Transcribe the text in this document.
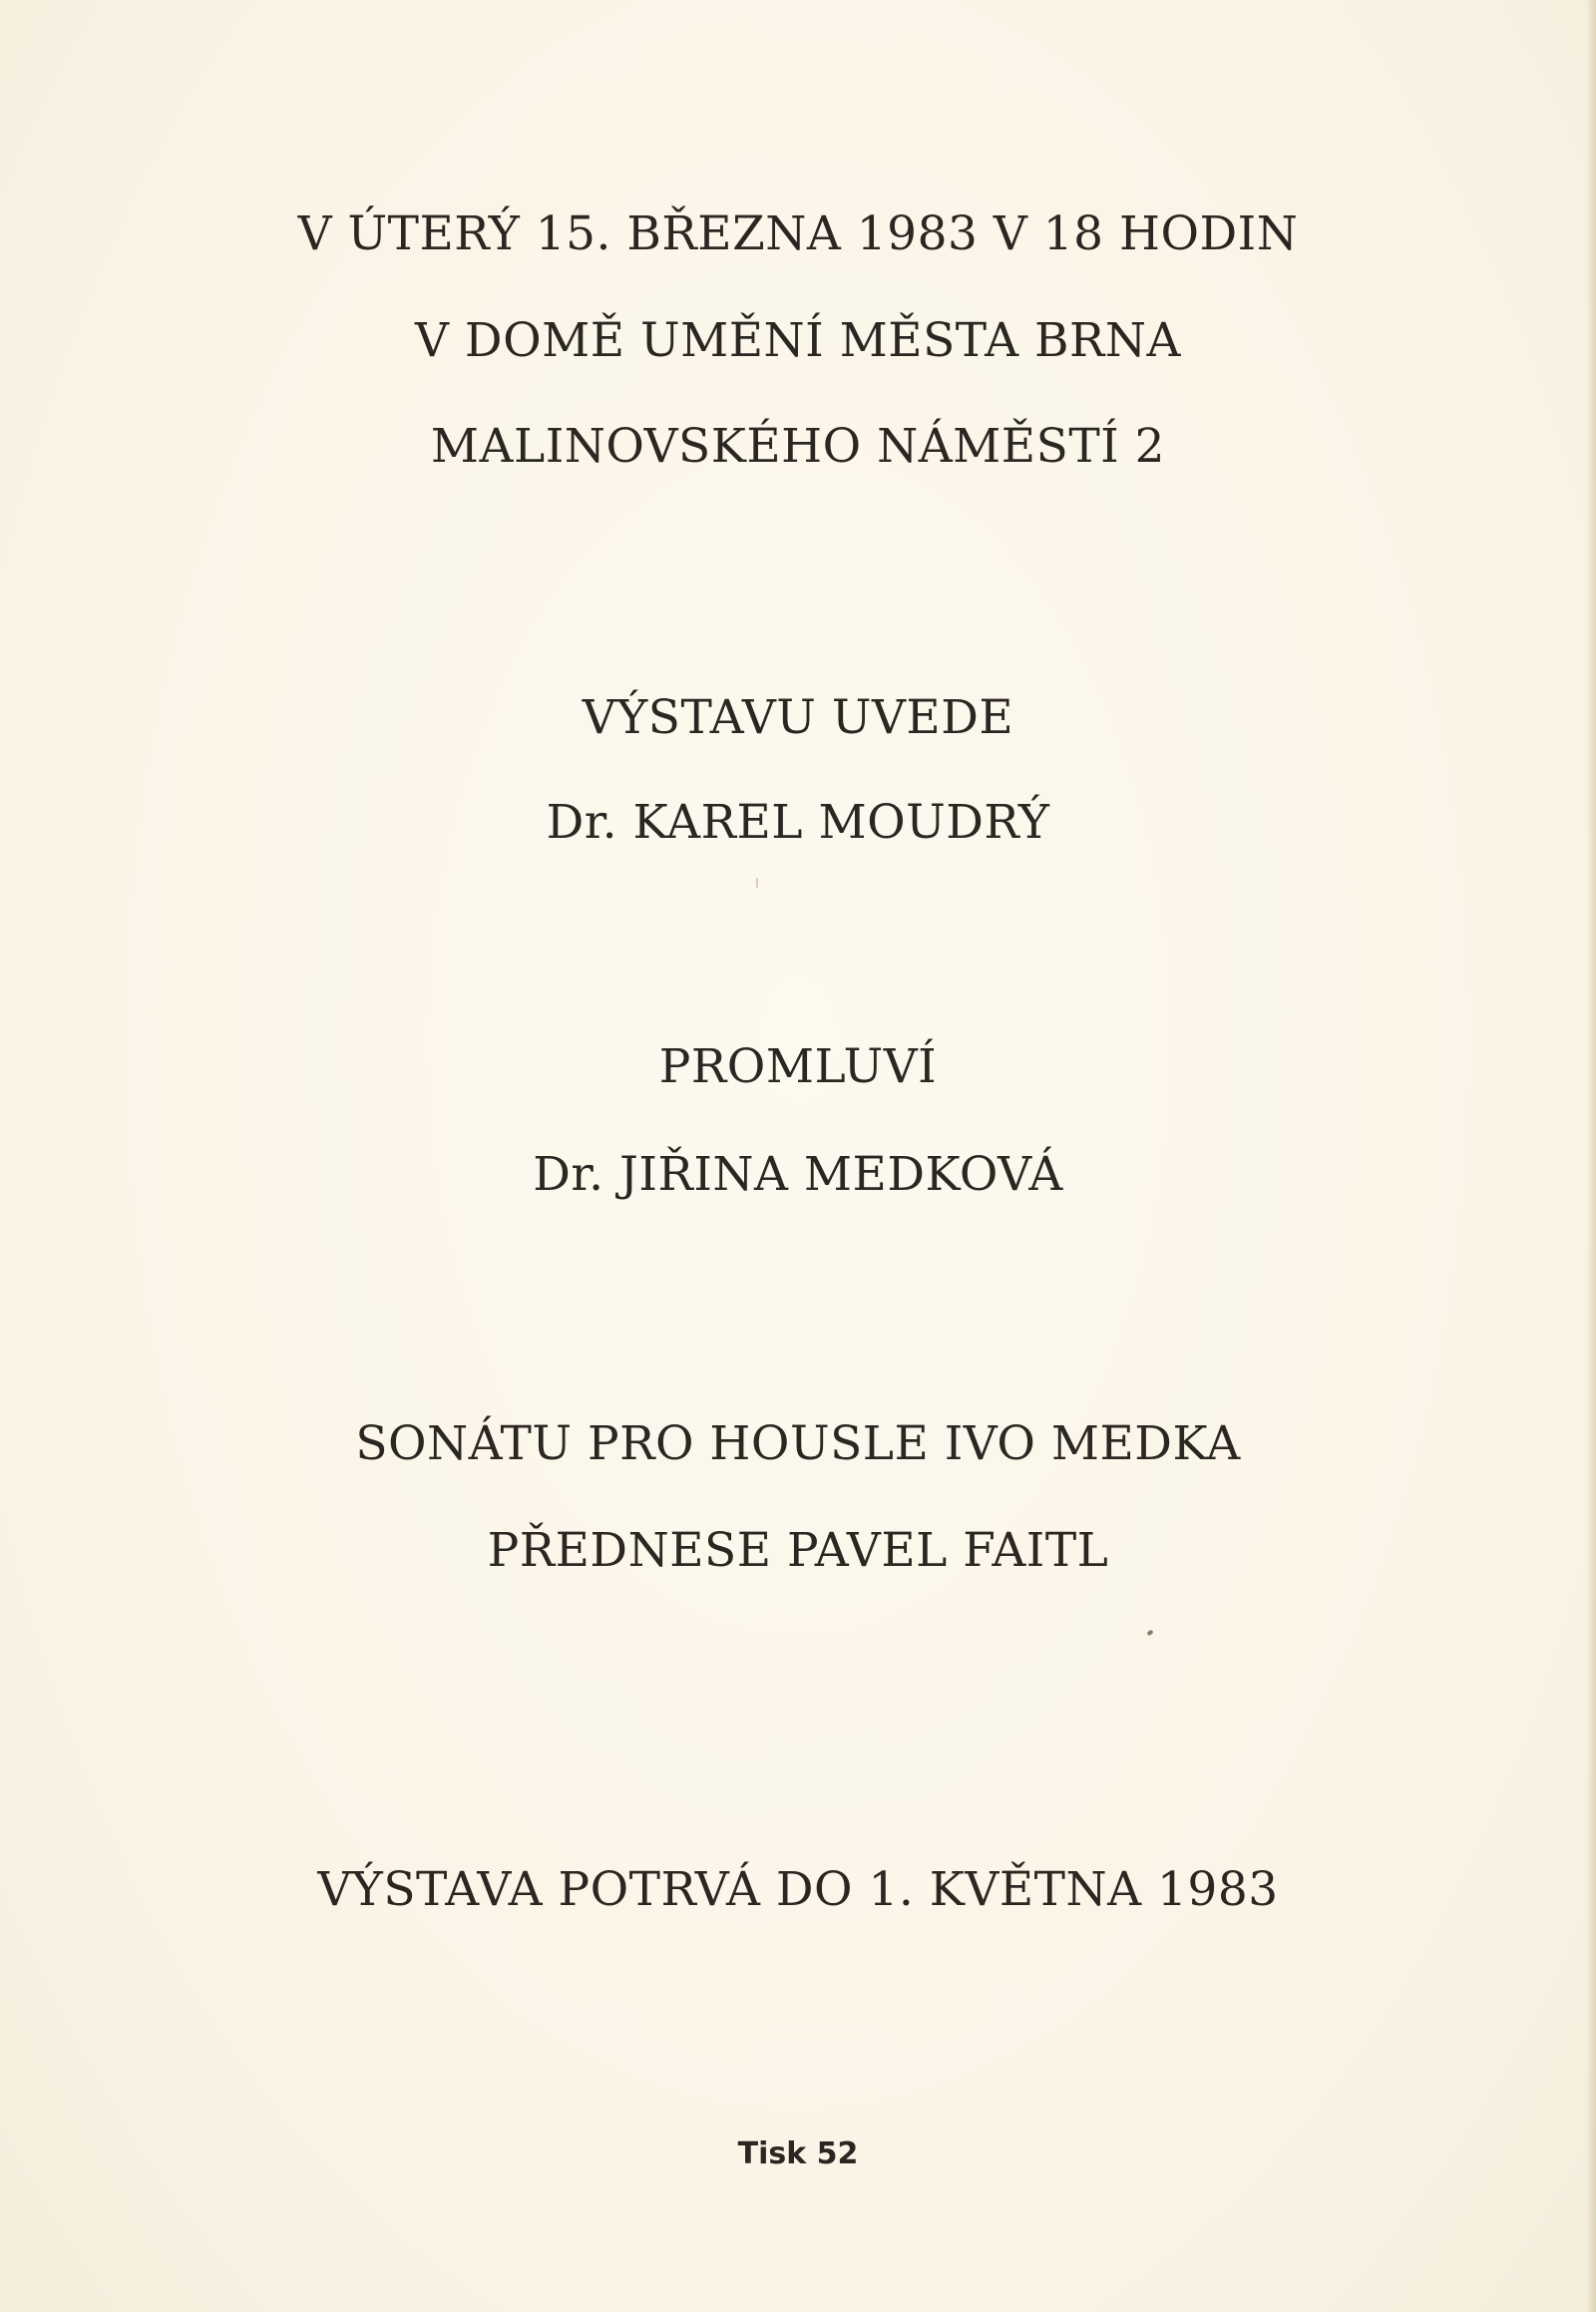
V ÚTERÝ 15. BŘEZNA 1983 V 18 HODIN
V DOMĚ UMĚNÍ MĚSTA BRNA
MALINOVSKÉHO NÁMĚSTÍ 2
VÝSTAVU UVEDE
Dr. KAREL MOUDRÝ
PROMLUVÍ
Dr. JIŘINA MEDKOVÁ
SONÁTU PRO HOUSLE IVO MEDKA
PŘEDNESE PAVEL FAITL
VÝSTAVA POTRVÁ DO 1. KVĚTNA 1983
Tisk 52
